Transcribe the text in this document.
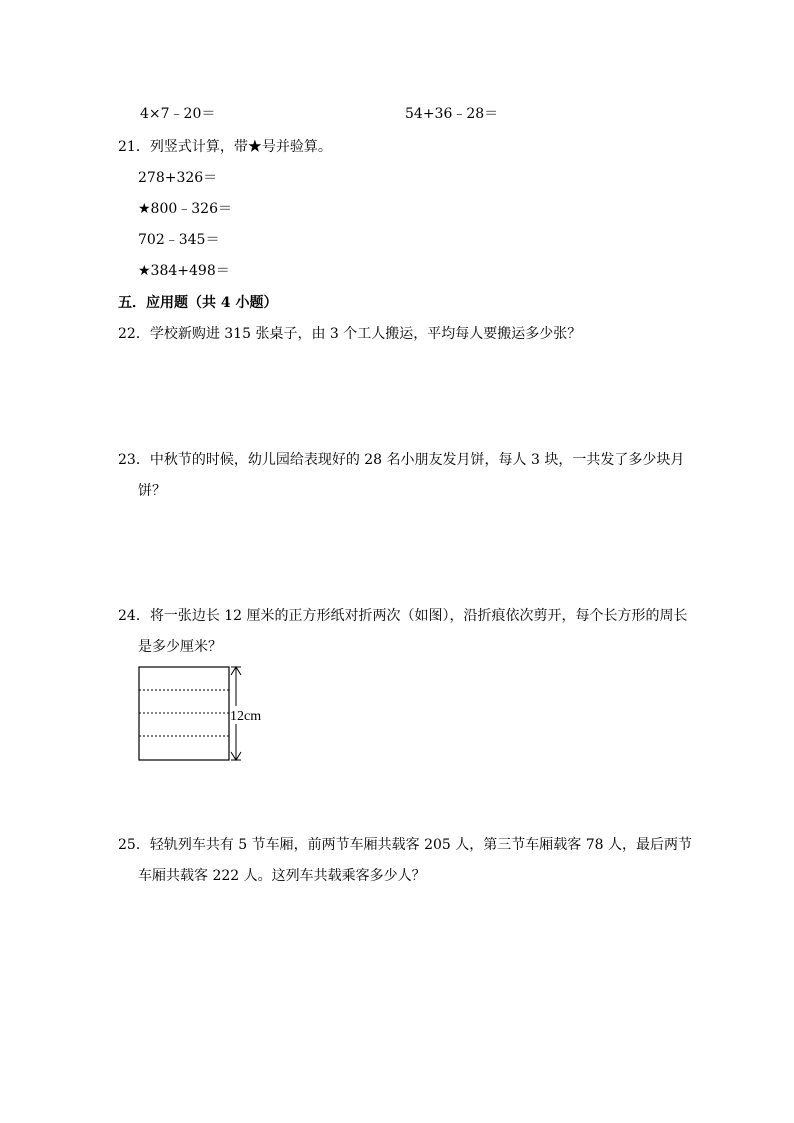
4×7﹣20＝	54+36﹣28＝
21．列竖式计算，带★号并验算。
278+326＝
★800﹣326＝
702﹣345＝
★384+498＝
五．应用题（共 4 小题）
22．学校新购进 315 张桌子，由 3 个工人搬运，平均每人要搬运多少张？
23．中秋节的时候，幼儿园给表现好的 28 名小朋友发月饼，每人 3 块，一共发了多少块月
饼？
24．将一张边长 12 厘米的正方形纸对折两次（如图），沿折痕依次剪开，每个长方形的周长
是多少厘米？
12cm
25．轻轨列车共有 5 节车厢，前两节车厢共载客 205 人，第三节车厢载客 78 人，最后两节
车厢共载客 222 人。这列车共载乘客多少人？
